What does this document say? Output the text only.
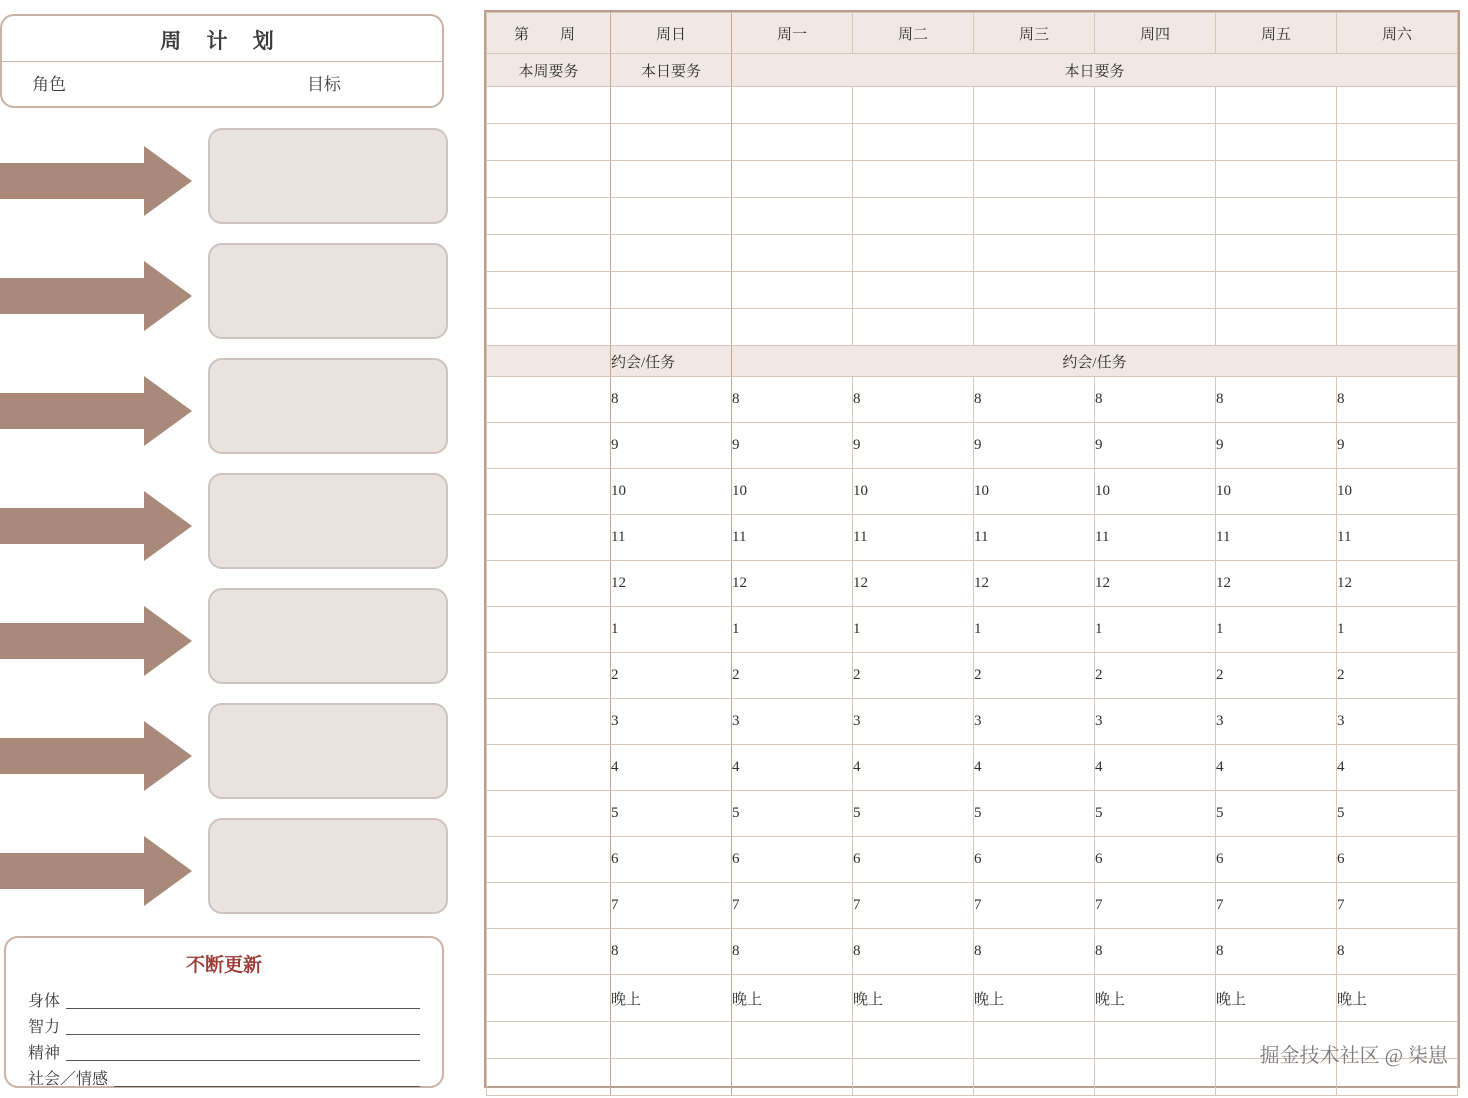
周 计 划
角色	目标
不断更新
身体
智力
精神
社会／情感
第　周	周日	周一	周二	周三	周四	周五	周六
本周要务	本日要务	本日要务					

	约会/任务	约会/任务					
	8	8	8	8	8	8	8
	9	9	9	9	9	9	9
	10	10	10	10	10	10	10
	11	11	11	11	11	11	11
	12	12	12	12	12	12	12
	1	1	1	1	1	1	1
	2	2	2	2	2	2	2
	3	3	3	3	3	3	3
	4	4	4	4	4	4	4
	5	5	5	5	5	5	5
	6	6	6	6	6	6	6
	7	7	7	7	7	7	7
	8	8	8	8	8	8	8
	晚上	晚上	晚上	晚上	晚上	晚上	晚上

掘金技术社区 @ 柒崽
